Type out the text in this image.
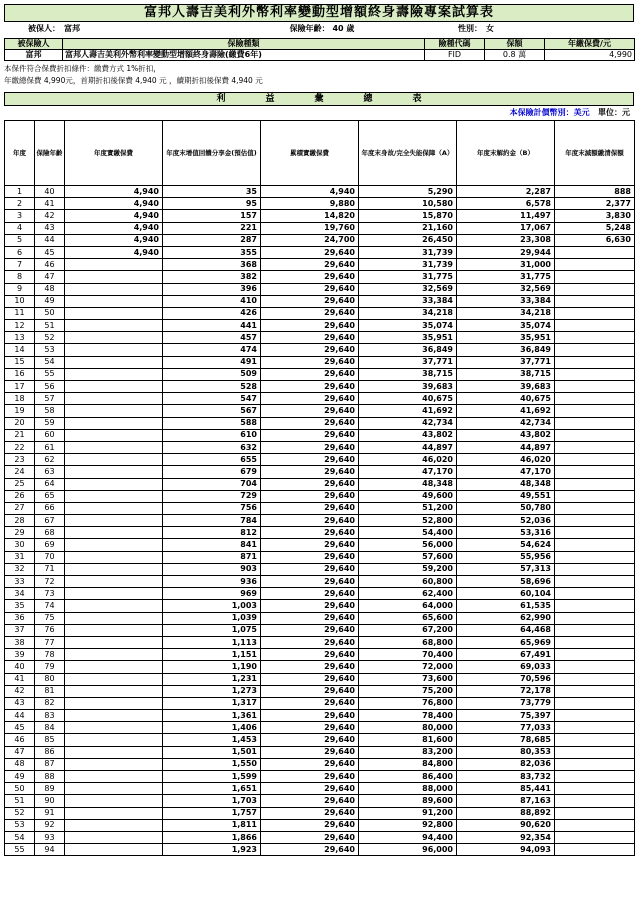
富邦人壽吉美利外幣利率變動型增額終身壽險專案試算表
被保人：	富邦	保險年齡： 40 歲	性別：	女	
被保險人	保險種類	險種代碼	保額	年繳保費/元
富邦	富邦人壽吉美利外幣利率變動型增額終身壽險(繳費6年)	FID	0.8 萬	4,990
本保件符合保費折扣條件：繳費方式 1%折扣，
年繳總保費 4,990元，首期折扣後保費 4,940 元 ，續期折扣後保費 4,940 元
利益彙總表
本保險計價幣別：美元 單位：元
年度	保險年齡	年度實繳保費	年度末增值回饋分享金(預估值)	累積實繳保費	年度末身故/完全失能保障（A）	年度末解約金（B）	年度末減額繳清保額
1	40	4,940	35	4,940	5,290	2,287	888
2	41	4,940	95	9,880	10,580	6,578	2,377
3	42	4,940	157	14,820	15,870	11,497	3,830
4	43	4,940	221	19,760	21,160	17,067	5,248
5	44	4,940	287	24,700	26,450	23,308	6,630
6	45	4,940	355	29,640	31,739	29,944	
7	46		368	29,640	31,739	31,000	
8	47		382	29,640	31,775	31,775	
9	48		396	29,640	32,569	32,569	
10	49		410	29,640	33,384	33,384	
11	50		426	29,640	34,218	34,218	
12	51		441	29,640	35,074	35,074	
13	52		457	29,640	35,951	35,951	
14	53		474	29,640	36,849	36,849	
15	54		491	29,640	37,771	37,771	
16	55		509	29,640	38,715	38,715	
17	56		528	29,640	39,683	39,683	
18	57		547	29,640	40,675	40,675	
19	58		567	29,640	41,692	41,692	
20	59		588	29,640	42,734	42,734	
21	60		610	29,640	43,802	43,802	
22	61		632	29,640	44,897	44,897	
23	62		655	29,640	46,020	46,020	
24	63		679	29,640	47,170	47,170	
25	64		704	29,640	48,348	48,348	
26	65		729	29,640	49,600	49,551	
27	66		756	29,640	51,200	50,780	
28	67		784	29,640	52,800	52,036	
29	68		812	29,640	54,400	53,316	
30	69		841	29,640	56,000	54,624	
31	70		871	29,640	57,600	55,956	
32	71		903	29,640	59,200	57,313	
33	72		936	29,640	60,800	58,696	
34	73		969	29,640	62,400	60,104	
35	74		1,003	29,640	64,000	61,535	
36	75		1,039	29,640	65,600	62,990	
37	76		1,075	29,640	67,200	64,468	
38	77		1,113	29,640	68,800	65,969	
39	78		1,151	29,640	70,400	67,491	
40	79		1,190	29,640	72,000	69,033	
41	80		1,231	29,640	73,600	70,596	
42	81		1,273	29,640	75,200	72,178	
43	82		1,317	29,640	76,800	73,779	
44	83		1,361	29,640	78,400	75,397	
45	84		1,406	29,640	80,000	77,033	
46	85		1,453	29,640	81,600	78,685	
47	86		1,501	29,640	83,200	80,353	
48	87		1,550	29,640	84,800	82,036	
49	88		1,599	29,640	86,400	83,732	
50	89		1,651	29,640	88,000	85,441	
51	90		1,703	29,640	89,600	87,163	
52	91		1,757	29,640	91,200	88,892	
53	92		1,811	29,640	92,800	90,620	
54	93		1,866	29,640	94,400	92,354	
55	94		1,923	29,640	96,000	94,093	
